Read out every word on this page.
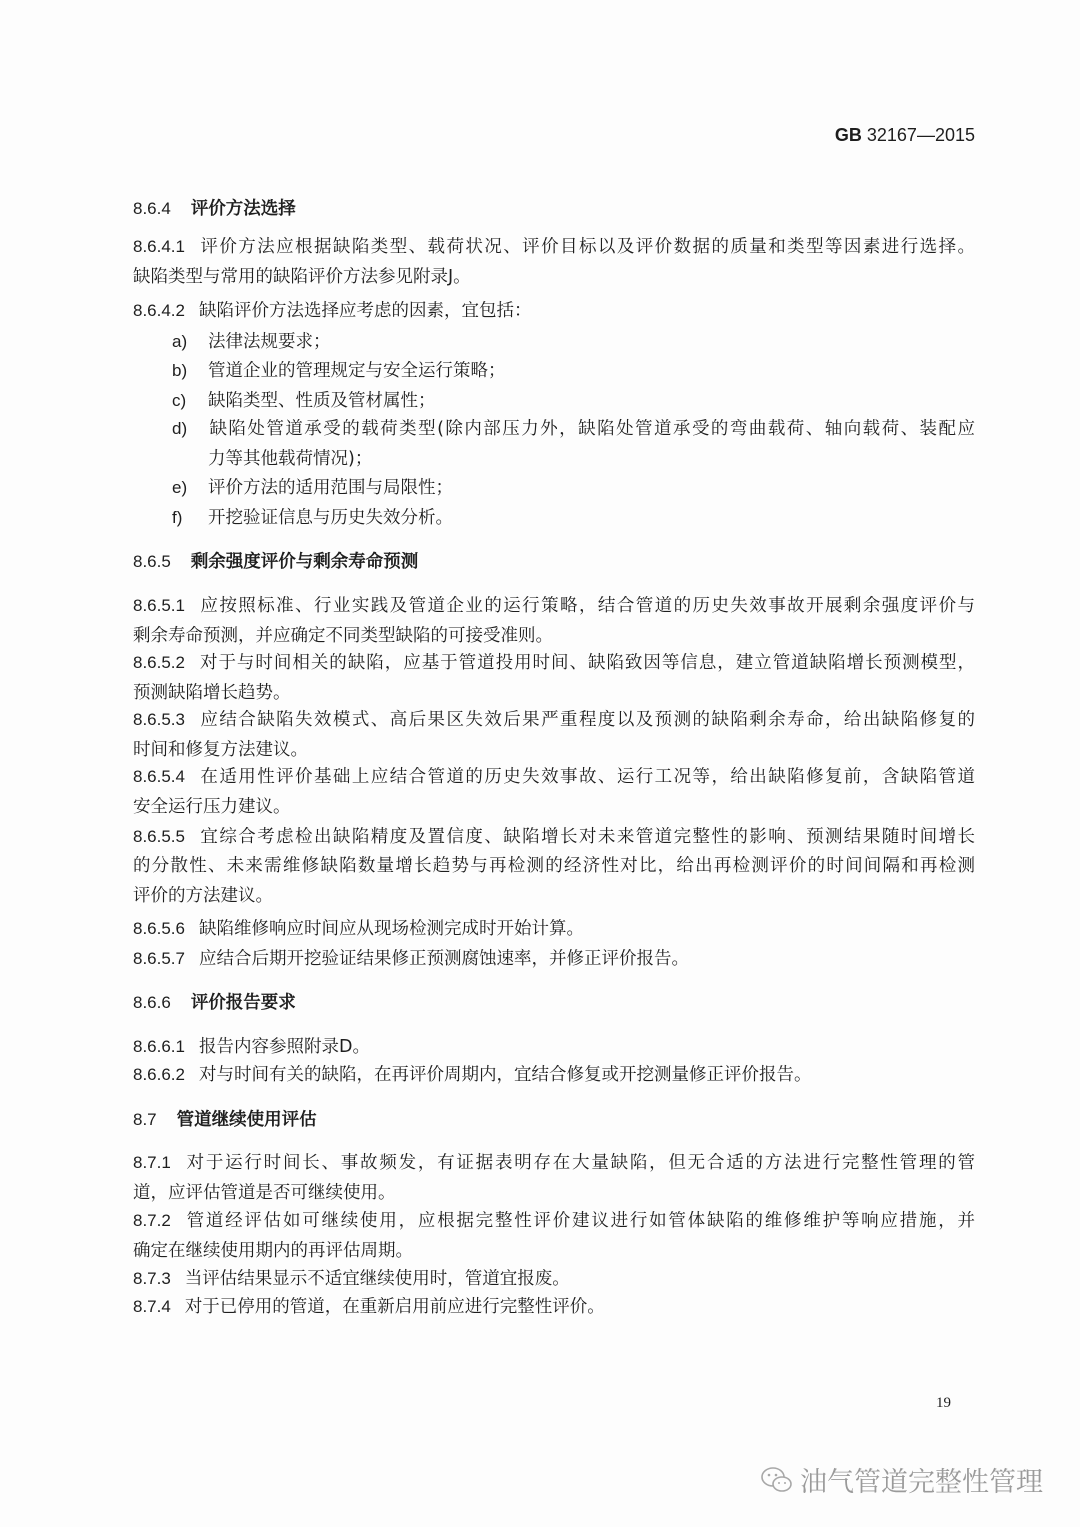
GB 32167—2015
8.6.4 评价方法选择
8.6.4.1 评价方法应根据缺陷类型、载荷状况、评价目标以及评价数据的质量和类型等因素进行选择。
缺陷类型与常用的缺陷评价方法参见附录J。
8.6.4.2 缺陷评价方法选择应考虑的因素，宜包括：
a) 法律法规要求；
b) 管道企业的管理规定与安全运行策略；
c) 缺陷类型、性质及管材属性；
d) 缺陷处管道承受的载荷类型(除内部压力外，缺陷处管道承受的弯曲载荷、轴向载荷、装配应
力等其他载荷情况)；
e) 评价方法的适用范围与局限性；
f) 开挖验证信息与历史失效分析。
8.6.5 剩余强度评价与剩余寿命预测
8.6.5.1 应按照标准、行业实践及管道企业的运行策略，结合管道的历史失效事故开展剩余强度评价与
剩余寿命预测，并应确定不同类型缺陷的可接受准则。
8.6.5.2 对于与时间相关的缺陷，应基于管道投用时间、缺陷致因等信息，建立管道缺陷增长预测模型，
预测缺陷增长趋势。
8.6.5.3 应结合缺陷失效模式、高后果区失效后果严重程度以及预测的缺陷剩余寿命，给出缺陷修复的
时间和修复方法建议。
8.6.5.4 在适用性评价基础上应结合管道的历史失效事故、运行工况等，给出缺陷修复前，含缺陷管道
安全运行压力建议。
8.6.5.5 宜综合考虑检出缺陷精度及置信度、缺陷增长对未来管道完整性的影响、预测结果随时间增长
的分散性、未来需维修缺陷数量增长趋势与再检测的经济性对比，给出再检测评价的时间间隔和再检测
评价的方法建议。
8.6.5.6 缺陷维修响应时间应从现场检测完成时开始计算。
8.6.5.7 应结合后期开挖验证结果修正预测腐蚀速率，并修正评价报告。
8.6.6 评价报告要求
8.6.6.1 报告内容参照附录D。
8.6.6.2 对与时间有关的缺陷，在再评价周期内，宜结合修复或开挖测量修正评价报告。
8.7 管道继续使用评估
8.7.1 对于运行时间长、事故频发，有证据表明存在大量缺陷，但无合适的方法进行完整性管理的管
道，应评估管道是否可继续使用。
8.7.2 管道经评估如可继续使用，应根据完整性评价建议进行如管体缺陷的维修维护等响应措施，并
确定在继续使用期内的再评估周期。
8.7.3 当评估结果显示不适宜继续使用时，管道宜报废。
8.7.4 对于已停用的管道，在重新启用前应进行完整性评价。
19
油气管道完整性管理
